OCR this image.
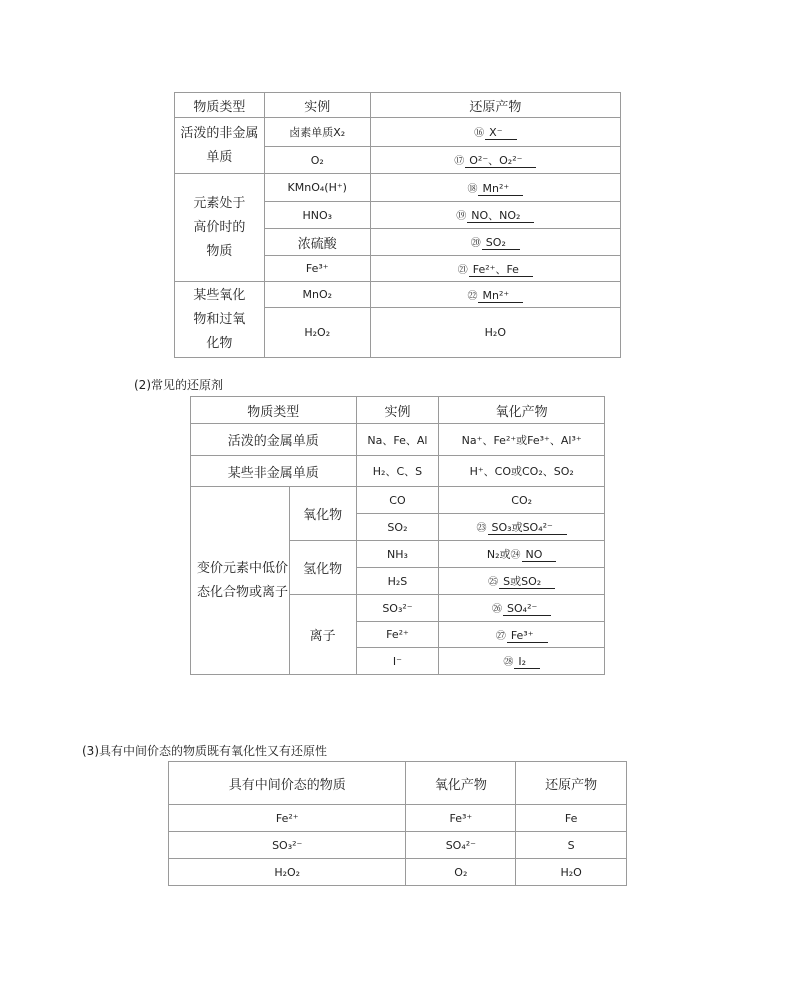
物质类型	实例	还原产物
活泼的非金属单质	卤素单质X₂	⑯ X⁻
	O₂	⑰ O²⁻、O₂²⁻
元素处于高价时的物质	KMnO₄(H⁺)	⑱ Mn²⁺
	HNO₃	⑲ NO、NO₂
	浓硫酸	⑳ SO₂
	Fe³⁺	㉑ Fe²⁺、Fe
某些氧化物和过氧化物	MnO₂	㉒ Mn²⁺
	H₂O₂	H₂O
(2)常见的还原剂
物质类型		实例	氧化产物
活泼的金属单质		Na、Fe、Al	Na⁺、Fe²⁺或Fe³⁺、Al³⁺
某些非金属单质		H₂、C、S	H⁺、CO或CO₂、SO₂
变价元素中低价态化合物或离子	氧化物	CO	CO₂
		SO₂	㉓ SO₃或SO₄²⁻
	氢化物	NH₃	N₂或㉔ NO
		H₂S	㉕ S或SO₂
	离子	SO₃²⁻	㉖ SO₄²⁻
		Fe²⁺	㉗ Fe³⁺
		I⁻	㉘ I₂
(3)具有中间价态的物质既有氧化性又有还原性
具有中间价态的物质	氧化产物	还原产物
Fe²⁺	Fe³⁺	Fe
SO₃²⁻	SO₄²⁻	S
H₂O₂	O₂	H₂O
